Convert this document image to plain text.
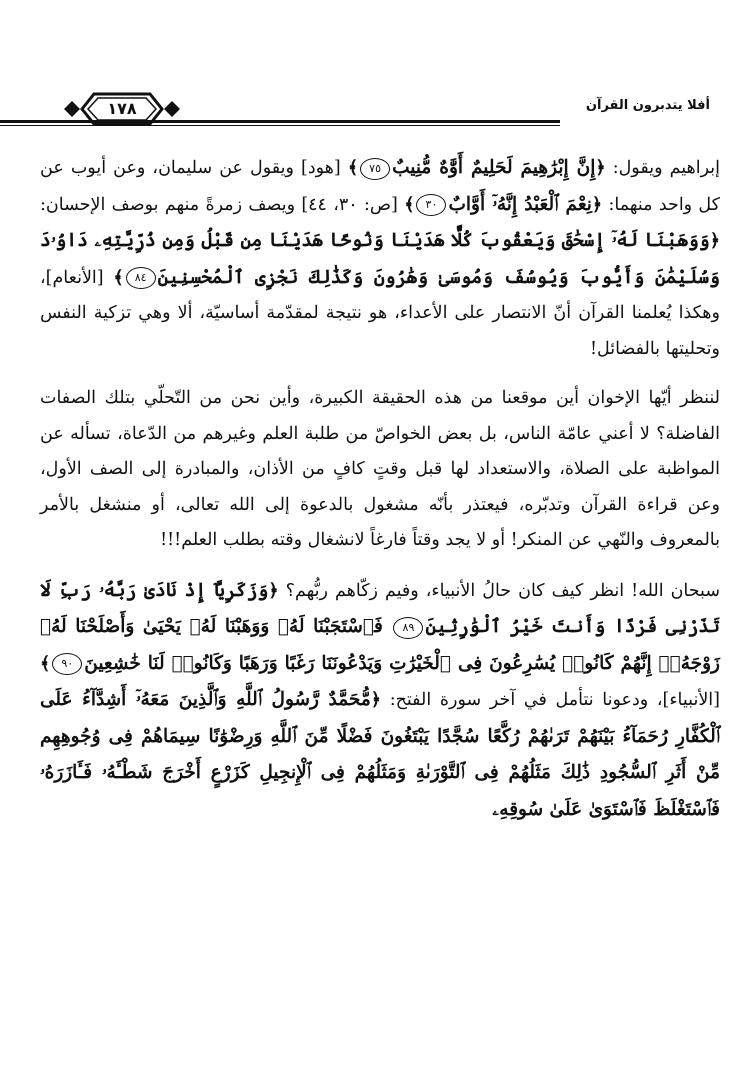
١٧٨	أفلا يتدبرون القرآن

إبراهيم ويقول: ﴿إِنَّ إِبْرَٰهِيمَ لَحَلِيمٌ أَوَّٰهٌ مُّنِيبٌ٧٥﴾ [هود] ويقول عن سليمان، وعن أيوب عن كل واحد منهما: ﴿نِعْمَ ٱلْعَبْدُ إِنَّهُۥٓ أَوَّابٌ٣٠﴾ [ص: ٣٠، ٤٤] ويصف زمرةً منهم بوصف الإحسان: ﴿وَوَهَبْنَا لَهُۥٓ إِسْحَٰقَ وَيَعْقُوبَ كُلًّا هَدَيْنَا وَنُوحًا هَدَيْنَا مِن قَبْلُ وَمِن ذُرِّيَّتِهِۦ دَاوُۥدَ وَسُلَيْمَٰنَ وَأَيُّوبَ وَيُوسُفَ وَمُوسَىٰ وَهَٰرُونَ وَكَذَٰلِكَ نَجْزِى ٱلْمُحْسِنِينَ٨٤﴾ [الأنعام]، وهكذا يُعلمنا القرآن أنّ الانتصار على الأعداء، هو نتيجة لمقدّمة أساسيّة، ألا وهي تزكية النفس وتحليتها بالفضائل!

لننظر أيّها الإخوان أين موقعنا من هذه الحقيقة الكبيرة، وأين نحن من التّحلّي بتلك الصفات الفاضلة؟ لا أعني عامّة الناس، بل بعض الخواصّ من طلبة العلم وغيرهم من الدّعاة، تسأله عن المواظبة على الصلاة، والاستعداد لها قبل وقتٍ كافٍ من الأذان، والمبادرة إلى الصف الأول، وعن قراءة القرآن وتدبّره، فيعتذر بأنّه مشغول بالدعوة إلى الله تعالى، أو منشغل بالأمر بالمعروف والنّهي عن المنكر! أو لا يجد وقتاً فارغاً لانشغال وقته بطلب العلم!!!

سبحان الله! انظر كيف كان حالُ الأنبياء، وفيم زكّاهم ربُّهم؟ ﴿وَزَكَرِيَّآ إِذْ نَادَىٰ رَبَّهُۥ رَبِّ لَا تَذَرْنِى فَرْدًا وَأَنتَ خَيْرُ ٱلْوَٰرِثِينَ٨٩ فَٱسْتَجَبْنَا لَهُۥ وَوَهَبْنَا لَهُۥ يَحْيَىٰ وَأَصْلَحْنَا لَهُۥ زَوْجَهُۥٓ إِنَّهُمْ كَانُوا۟ يُسَٰرِعُونَ فِى ٱلْخَيْرَٰتِ وَيَدْعُونَنَا رَغَبًا وَرَهَبًا وَكَانُوا۟ لَنَا خَٰشِعِينَ٩٠﴾ [الأنبياء]، ودعونا نتأمل في آخر سورة الفتح: ﴿مُّحَمَّدٌ رَّسُولُ ٱللَّهِ وَٱلَّذِينَ مَعَهُۥٓ أَشِدَّآءُ عَلَى ٱلْكُفَّارِ رُحَمَآءُ بَيْنَهُمْ تَرَىٰهُمْ رُكَّعًا سُجَّدًا يَبْتَغُونَ فَضْلًا مِّنَ ٱللَّهِ وَرِضْوَٰنًا سِيمَاهُمْ فِى وُجُوهِهِم مِّنْ أَثَرِ ٱلسُّجُودِ ذَٰلِكَ مَثَلُهُمْ فِى ٱلتَّوْرَىٰةِ وَمَثَلُهُمْ فِى ٱلْإِنجِيلِ كَزَرْعٍ أَخْرَجَ شَطْـَٔهُۥ فَـَٔازَرَهُۥ فَٱسْتَغْلَظَ فَٱسْتَوَىٰ عَلَىٰ سُوقِهِۦ
